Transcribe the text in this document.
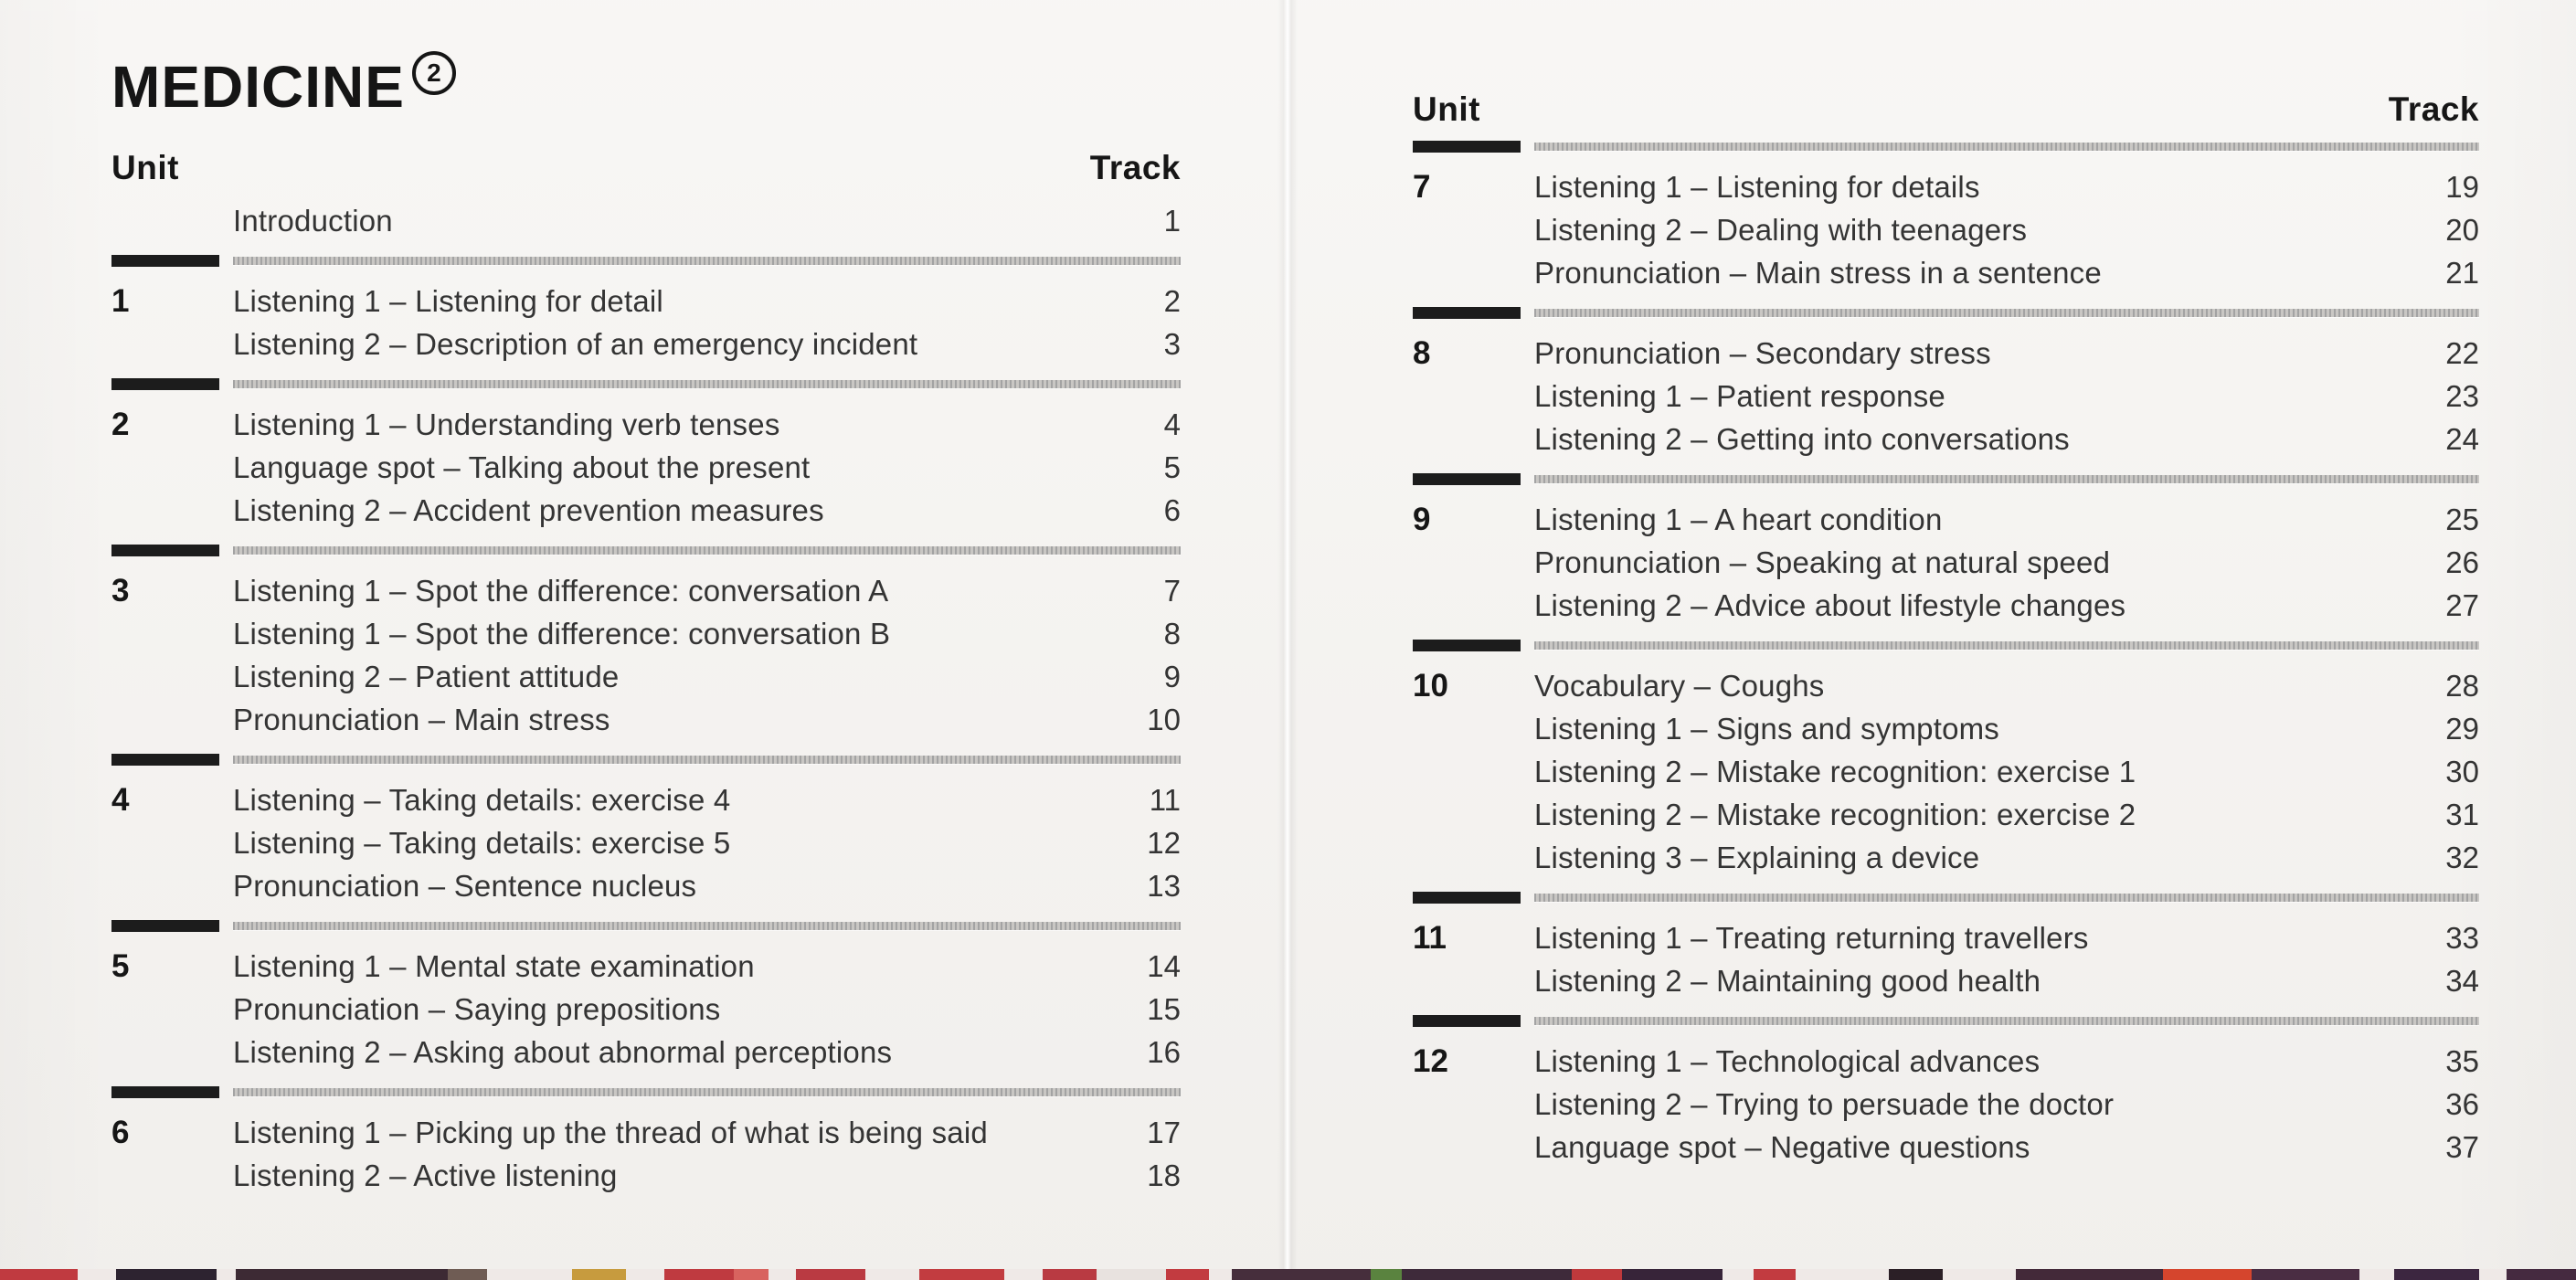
MEDICINE 2
Unit	Track
Introduction	1
1	Listening 1 – Listening for detail	2
Listening 2 – Description of an emergency incident	3
2	Listening 1 – Understanding verb tenses	4
Language spot – Talking about the present	5
Listening 2 – Accident prevention measures	6
3	Listening 1 – Spot the difference: conversation A	7
Listening 1 – Spot the difference: conversation B	8
Listening 2 – Patient attitude	9
Pronunciation – Main stress	10
4	Listening – Taking details: exercise 4	11
Listening – Taking details: exercise 5	12
Pronunciation – Sentence nucleus	13
5	Listening 1 – Mental state examination	14
Pronunciation – Saying prepositions	15
Listening 2 – Asking about abnormal perceptions	16
6	Listening 1 – Picking up the thread of what is being said	17
Listening 2 – Active listening	18
Unit	Track
7	Listening 1 – Listening for details	19
Listening 2 – Dealing with teenagers	20
Pronunciation – Main stress in a sentence	21
8	Pronunciation – Secondary stress	22
Listening 1 – Patient response	23
Listening 2 – Getting into conversations	24
9	Listening 1 – A heart condition	25
Pronunciation – Speaking at natural speed	26
Listening 2 – Advice about lifestyle changes	27
10	Vocabulary – Coughs	28
Listening 1 – Signs and symptoms	29
Listening 2 – Mistake recognition: exercise 1	30
Listening 2 – Mistake recognition: exercise 2	31
Listening 3 – Explaining a device	32
11	Listening 1 – Treating returning travellers	33
Listening 2 – Maintaining good health	34
12	Listening 1 – Technological advances	35
Listening 2 – Trying to persuade the doctor	36
Language spot – Negative questions	37
